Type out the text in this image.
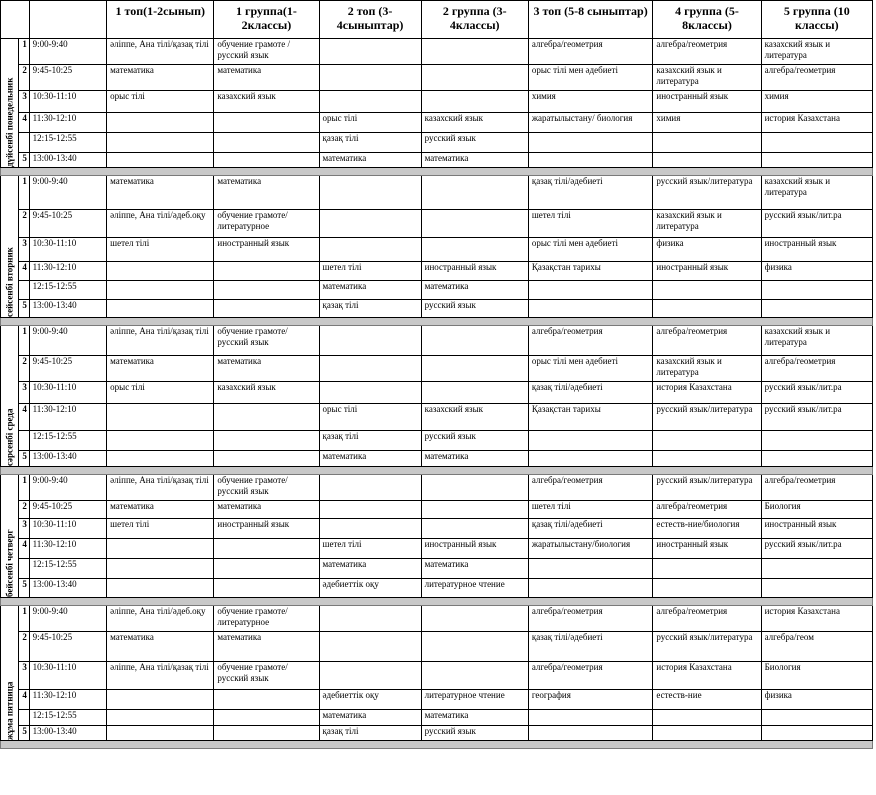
			1 топ(1-2сынып)	1 группа(1-2классы)	2 топ (3-4сыныптар)	2 группа (3-4классы)	3 топ (5-8 сыныптар)	4 группа (5-8классы)	5 группа (10 классы)
дүйсенбі понедельник	1	9:00-9:40	әліппе, Ана тілі/қазақ тілі	обучение грамоте /русский язык			алгебра/геометрия	алгебра/геометрия	казахский язык и литература
	2	9:45-10:25	математика	математика			орыс тілі мен әдебиеті	казахский язык и литература	алгебра/геометрия
	3	10:30-11:10	орыс тілі	казахский язык			химия	иностранный язык	химия
	4	11:30-12:10			орыс тілі	казахский язык	жаратылыстану/ биология	химия	история Казахстана
		12:15-12:55			қазақ тілі	русский язык			
	5	13:00-13:40			математика	математика			

сейсенбі вторник	1	9:00-9:40	математика	математика			қазақ тілі/әдебиеті	русский язык/литература	казахский язык и литература
	2	9:45-10:25	әліппе, Ана тілі/әдеб.оқу	обучение грамоте/литературное			шетел тілі	казахский язык и литература	русский язык/лит.ра
	3	10:30-11:10	шетел тілі	иностранный язык			орыс тілі мен әдебиеті	физика	иностранный язык
	4	11:30-12:10			шетел тілі	иностранный язык	Қазақстан тарихы	иностранный язык	физика
		12:15-12:55			математика	математика			
	5	13:00-13:40			қазақ тілі	русский язык			

сәрсенбі среда	1	9:00-9:40	әліппе, Ана тілі/қазақ тілі	обучение грамоте/русский язык			алгебра/геометрия	алгебра/геометрия	казахский язык и литература
	2	9:45-10:25	математика	математика			орыс тілі мен әдебиеті	казахский язык и литература	алгебра/геометрия
	3	10:30-11:10	орыс тілі	казахский язык			қазақ тілі/әдебиеті	история Казахстана	русский язык/лит.ра
	4	11:30-12:10			орыс тілі	казахский язык	Қазақстан тарихы	русский язык/литература	русский язык/лит.ра
		12:15-12:55			қазақ тілі	русский язык			
	5	13:00-13:40			математика	математика			

бейсенбі четверг	1	9:00-9:40	әліппе, Ана тілі/қазақ тілі	обучение грамоте/русский язык			алгебра/геометрия	русский язык/литература	алгебра/геометрия
	2	9:45-10:25	математика	математика			шетел тілі	алгебра/геометрия	Биология
	3	10:30-11:10	шетел тілі	иностранный язык			қазақ тілі/әдебиеті	естеств-ние/биология	иностранный язык
	4	11:30-12:10			шетел тілі	иностранный язык	жаратылыстану/биология	иностранный язык	русский язык/лит.ра
		12:15-12:55			математика	математика			
	5	13:00-13:40			әдебиеттік оқу	литературное чтение			

жұма пятница	1	9:00-9:40	әліппе, Ана тілі/әдеб.оқу	обучение грамоте/литературное			алгебра/геометрия	алгебра/геометрия	история Казахстана
	2	9:45-10:25	математика	математика			қазақ тілі/әдебиеті	русский язык/литература	алгебра/геом
	3	10:30-11:10	әліппе, Ана тілі/қазақ тілі	обучение грамоте/русский язык			алгебра/геометрия	история Казахстана	Биология
	4	11:30-12:10			әдебиеттік оқу	литературное чтение	география	естеств-ние	физика
		12:15-12:55			математика	математика			
	5	13:00-13:40			қазақ тілі	русский язык			
